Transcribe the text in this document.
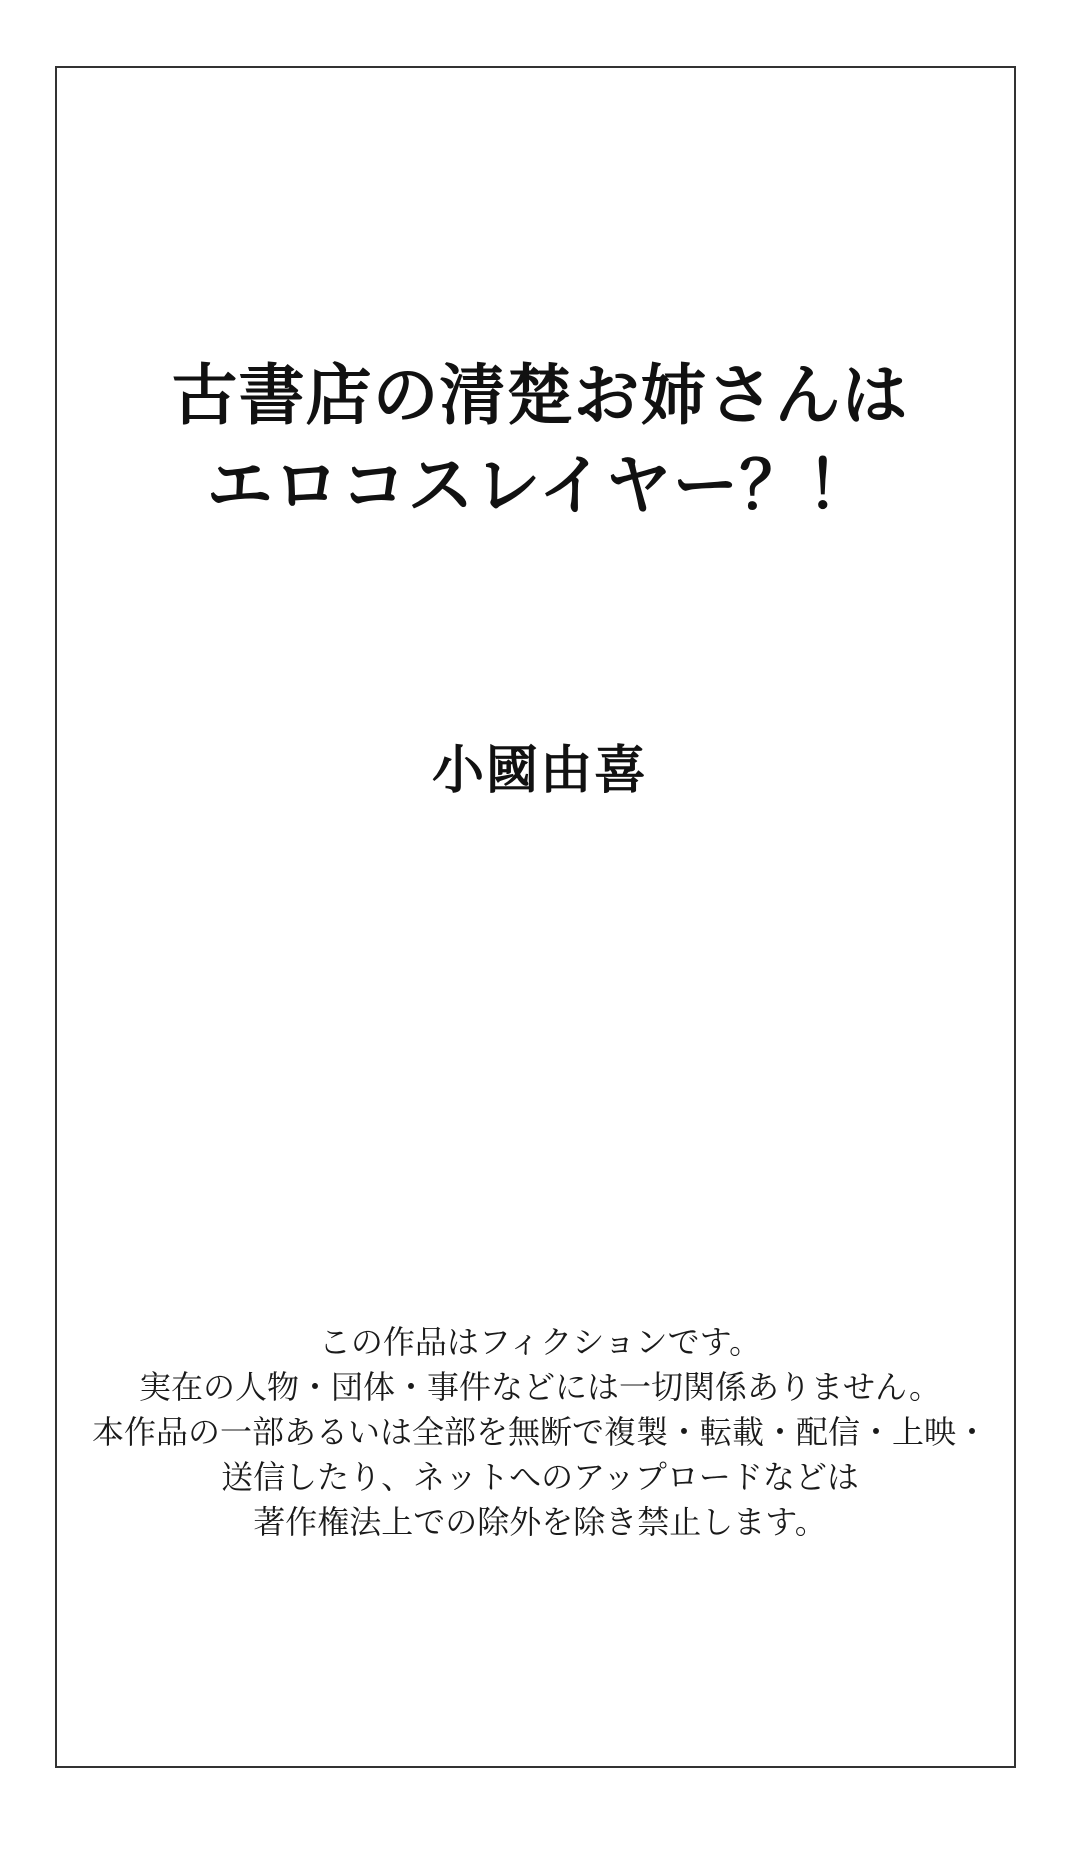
古書店の清楚お姉さんは
エロコスレイヤー？！
小國由喜
この作品はフィクションです。
実在の人物・団体・事件などには一切関係ありません。
本作品の一部あるいは全部を無断で複製・転載・配信・上映・
送信したり、ネットへのアップロードなどは
著作権法上での除外を除き禁止します。
